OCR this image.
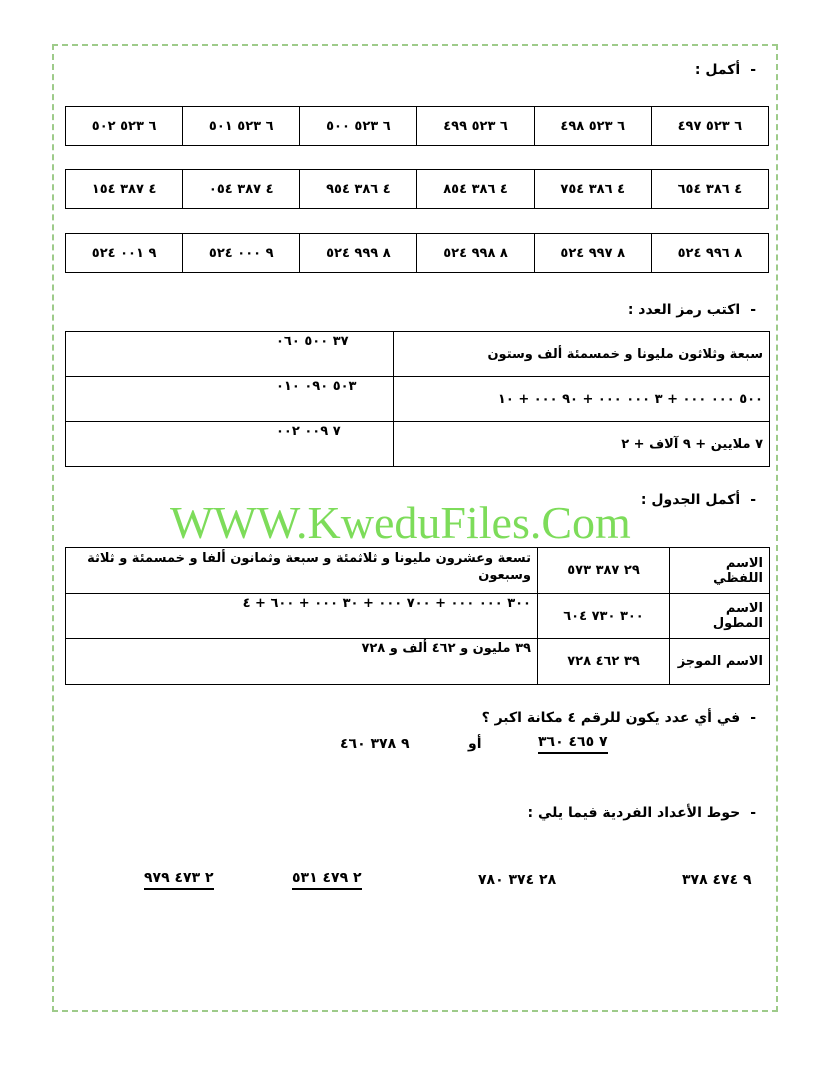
-أكمل :
٦ ٥٢٣ ٥٠٢	٦ ٥٢٣ ٥٠١	٦ ٥٢٣ ٥٠٠	٦ ٥٢٣ ٤٩٩	٦ ٥٢٣ ٤٩٨	٦ ٥٢٣ ٤٩٧
٤ ٣٨٧ ١٥٤	٤ ٣٨٧ ٠٥٤	٤ ٣٨٦ ٩٥٤	٤ ٣٨٦ ٨٥٤	٤ ٣٨٦ ٧٥٤	٤ ٣٨٦ ٦٥٤
٩ ٠٠١ ٥٢٤	٩ ٠٠٠ ٥٢٤	٨ ٩٩٩ ٥٢٤	٨ ٩٩٨ ٥٢٤	٨ ٩٩٧ ٥٢٤	٨ ٩٩٦ ٥٢٤
-اكتب رمز العدد :
٣٧ ٥٠٠ ٠٦٠	سبعة وثلاثون مليونا و خمسمئة ألف وستون
٥٠٣ ٠٩٠ ٠١٠	٥٠٠ ٠٠٠ ٠٠٠ + ٣ ٠٠٠ ٠٠٠ + ٩٠ ٠٠٠ + ١٠
٧ ٠٠٩ ٠٠٢	٧ ملايين + ٩ آلاف + ٢
-أكمل الجدول :
WWW.KweduFiles.Com
تسعة وعشرون مليونا و ثلاثمئة و سبعة وثمانون ألفا و خمسمئة و ثلاثة وسبعون	٢٩ ٣٨٧ ٥٧٣	الاسم اللفظي
٣٠٠ ٠٠٠ ٠٠٠ + ٧٠٠ ٠٠٠ + ٣٠ ٠٠٠ + ٦٠٠ + ٤	٣٠٠ ٧٣٠ ٦٠٤	الاسم المطول
٣٩ مليون و ٤٦٢ ألف و ٧٢٨	٣٩ ٤٦٢ ٧٢٨	الاسم الموجز
-في أي عدد يكون للرقم ٤ مكانة اكبر ؟
٧ ٤٦٥ ٣٦٠
أو
٩ ٣٧٨ ٤٦٠
-حوط الأعداد الفردية فيما يلي :
٩ ٤٧٤ ٣٧٨
٢٨ ٣٧٤ ٧٨٠
٢ ٤٧٩ ٥٣١
٢ ٤٧٣ ٩٧٩
